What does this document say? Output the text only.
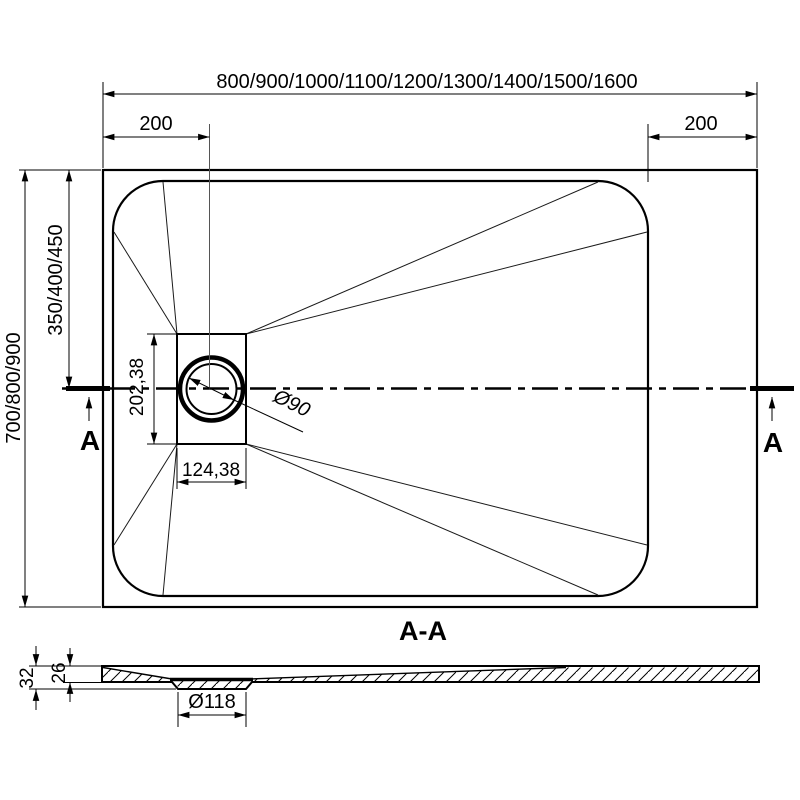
A	A
800/900/1000/1100/1200/1300/1400/1500/1600
200	200
700/800/900
350/400/450
202,38
124,38
Ø90
A-A
32 26
Ø118
